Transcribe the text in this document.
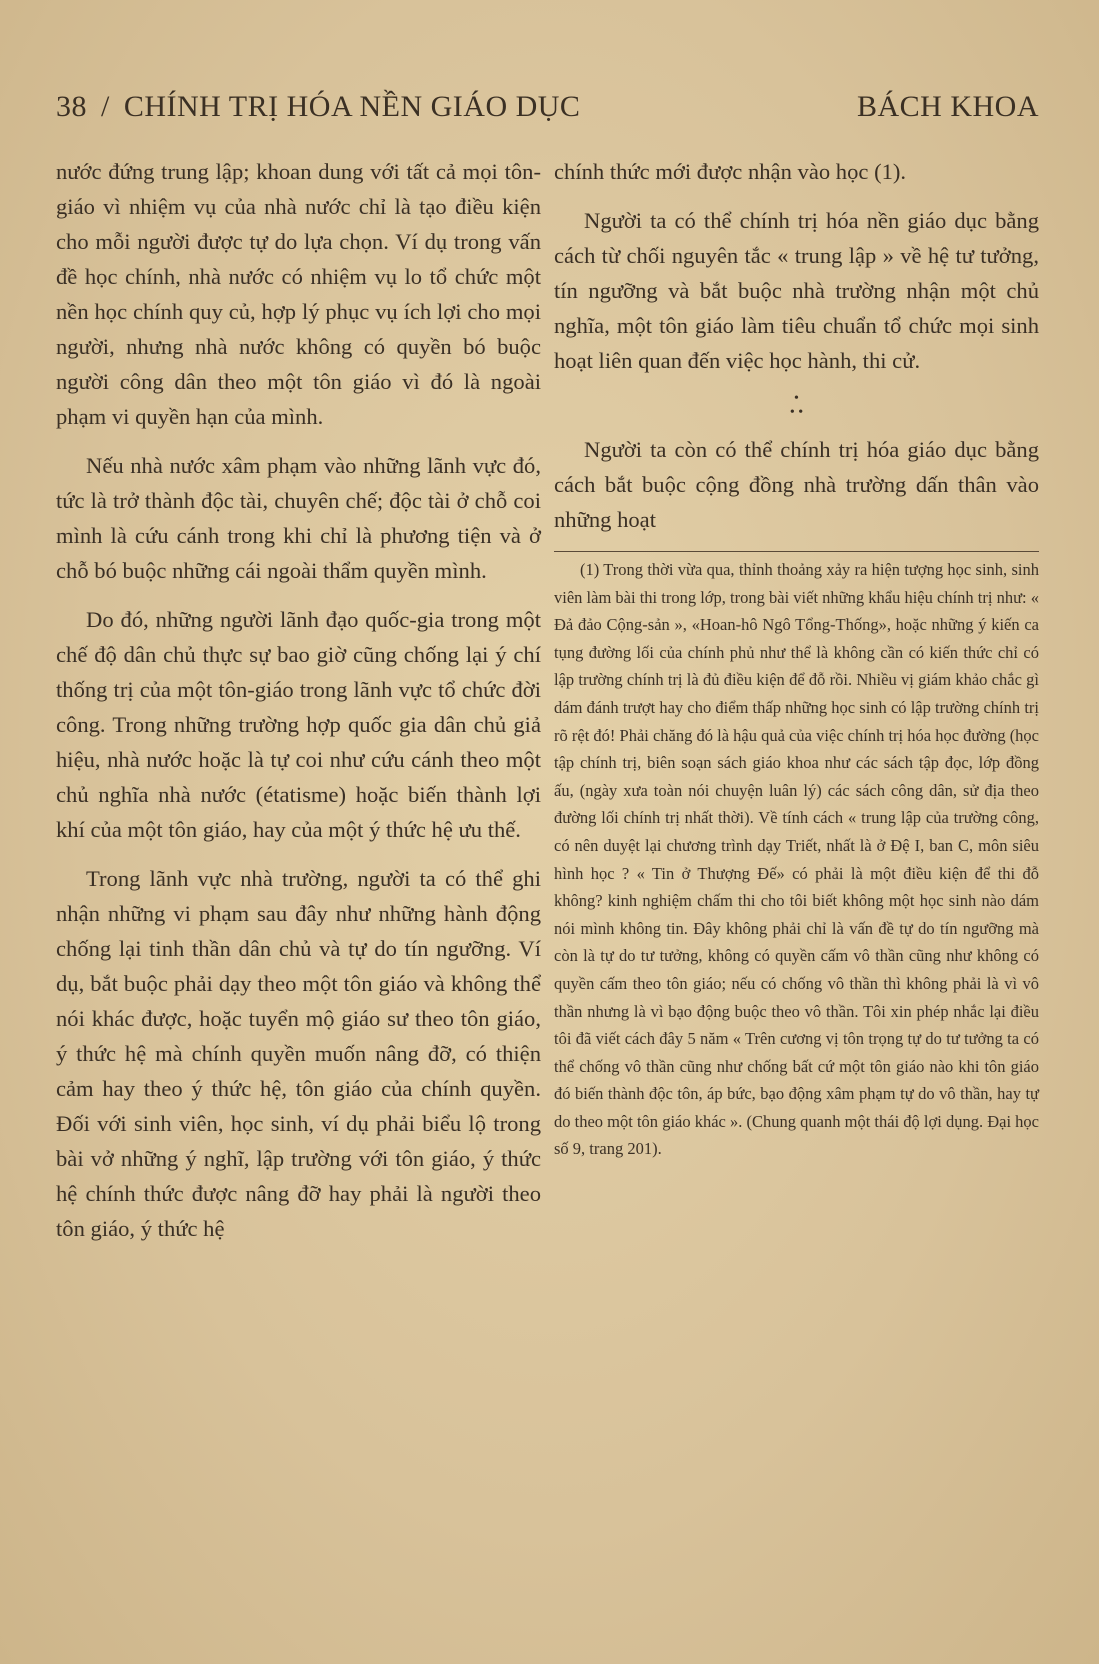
38 / CHÍNH TRỊ HÓA NỀN GIÁO DỤC	BÁCH KHOA

nước đứng trung lập; khoan dung với tất cả mọi tôn-giáo vì nhiệm vụ của nhà nước chỉ là tạo điều kiện cho mỗi người được tự do lựa chọn. Ví dụ trong vấn đề học chính, nhà nước có nhiệm vụ lo tổ chức một nền học chính quy củ, hợp lý phục vụ ích lợi cho mọi người, nhưng nhà nước không có quyền bó buộc người công dân theo một tôn giáo vì đó là ngoài phạm vi quyền hạn của mình.

Nếu nhà nước xâm phạm vào những lãnh vực đó, tức là trở thành độc tài, chuyên chế; độc tài ở chỗ coi mình là cứu cánh trong khi chỉ là phương tiện và ở chỗ bó buộc những cái ngoài thẩm quyền mình.

Do đó, những người lãnh đạo quốc-gia trong một chế độ dân chủ thực sự bao giờ cũng chống lại ý chí thống trị của một tôn-giáo trong lãnh vực tổ chức đời công. Trong những trường hợp quốc gia dân chủ giả hiệu, nhà nước hoặc là tự coi như cứu cánh theo một chủ nghĩa nhà nước (étatisme) hoặc biến thành lợi khí của một tôn giáo, hay của một ý thức hệ ưu thế.

Trong lãnh vực nhà trường, người ta có thể ghi nhận những vi phạm sau đây như những hành động chống lại tinh thần dân chủ và tự do tín ngưỡng. Ví dụ, bắt buộc phải dạy theo một tôn giáo và không thể nói khác được, hoặc tuyển mộ giáo sư theo tôn giáo, ý thức hệ mà chính quyền muốn nâng đỡ, có thiện cảm hay theo ý thức hệ, tôn giáo của chính quyền. Đối với sinh viên, học sinh, ví dụ phải biểu lộ trong bài vở những ý nghĩ, lập trường với tôn giáo, ý thức hệ chính thức được nâng đỡ hay phải là người theo tôn giáo, ý thức hệ

chính thức mới được nhận vào học (1).

Người ta có thể chính trị hóa nền giáo dục bằng cách từ chối nguyên tắc « trung lập » về hệ tư tưởng, tín ngưỡng và bắt buộc nhà trường nhận một chủ nghĩa, một tôn giáo làm tiêu chuẩn tổ chức mọi sinh hoạt liên quan đến việc học hành, thi cử.

•
• •

Người ta còn có thể chính trị hóa giáo dục bằng cách bắt buộc cộng đồng nhà trường dấn thân vào những hoạt

(1) Trong thời vừa qua, thỉnh thoảng xảy ra hiện tượng học sinh, sinh viên làm bài thi trong lớp, trong bài viết những khẩu hiệu chính trị như: « Đả đảo Cộng-sản », «Hoan-hô Ngô Tổng-Thống», hoặc những ý kiến ca tụng đường lối của chính phủ như thể là không cần có kiến thức chỉ có lập trường chính trị là đủ điều kiện để đỗ rồi. Nhiều vị giám khảo chắc gì dám đánh trượt hay cho điểm thấp những học sinh có lập trường chính trị rõ rệt đó! Phải chăng đó là hậu quả của việc chính trị hóa học đường (học tập chính trị, biên soạn sách giáo khoa như các sách tập đọc, lớp đồng ấu, (ngày xưa toàn nói chuyện luân lý) các sách công dân, sử địa theo đường lối chính trị nhất thời). Về tính cách « trung lập của trường công, có nên duyệt lại chương trình dạy Triết, nhất là ở Đệ I, ban C, môn siêu hình học ? « Tin ở Thượng Đế» có phải là một điều kiện để thi đỗ không? kinh nghiệm chấm thi cho tôi biết không một học sinh nào dám nói mình không tin. Đây không phải chỉ là vấn đề tự do tín ngưỡng mà còn là tự do tư tưởng, không có quyền cấm vô thần cũng như không có quyền cấm theo tôn giáo; nếu có chống vô thần thì không phải là vì vô thần nhưng là vì bạo động buộc theo vô thần. Tôi xin phép nhắc lại điều tôi đã viết cách đây 5 năm « Trên cương vị tôn trọng tự do tư tưởng ta có thể chống vô thần cũng như chống bất cứ một tôn giáo nào khi tôn giáo đó biến thành độc tôn, áp bức, bạo động xâm phạm tự do vô thần, hay tự do theo một tôn giáo khác ». (Chung quanh một thái độ lợi dụng. Đại học số 9, trang 201).
